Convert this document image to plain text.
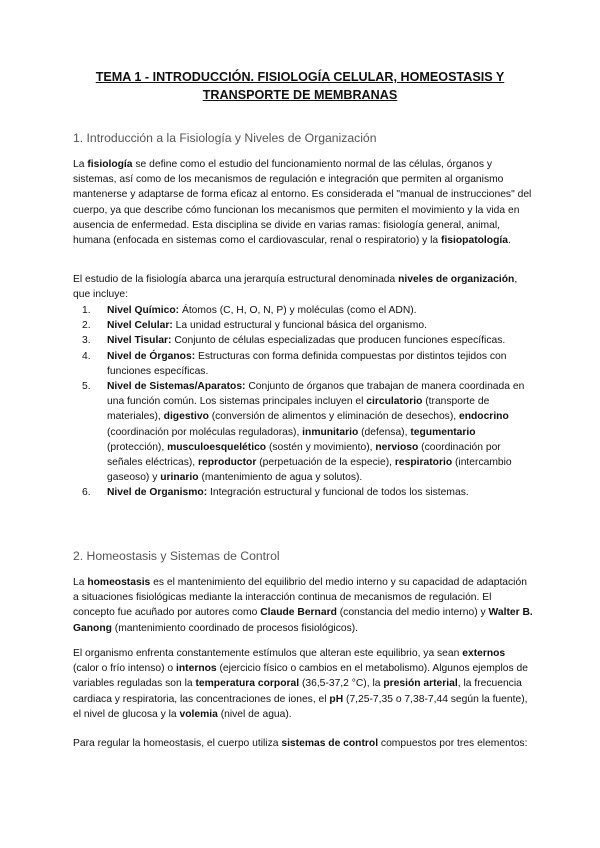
TEMA 1 - INTRODUCCIÓN. FISIOLOGÍA CELULAR, HOMEOSTASIS Y
TRANSPORTE DE MEMBRANAS
1. Introducción a la Fisiología y Niveles de Organización
La fisiología se define como el estudio del funcionamiento normal de las células, órganos y sistemas, así como de los mecanismos de regulación e integración que permiten al organismo mantenerse y adaptarse de forma eficaz al entorno. Es considerada el "manual de instrucciones" del cuerpo, ya que describe cómo funcionan los mecanismos que permiten el movimiento y la vida en ausencia de enfermedad. Esta disciplina se divide en varias ramas: fisiología general, animal, humana (enfocada en sistemas como el cardiovascular, renal o respiratorio) y la fisiopatología.
El estudio de la fisiología abarca una jerarquía estructural denominada niveles de organización, que incluye:
1. Nivel Químico: Átomos (C, H, O, N, P) y moléculas (como el ADN).
2. Nivel Celular: La unidad estructural y funcional básica del organismo.
3. Nivel Tisular: Conjunto de células especializadas que producen funciones específicas.
4. Nivel de Órganos: Estructuras con forma definida compuestas por distintos tejidos con funciones específicas.
5. Nivel de Sistemas/Aparatos: Conjunto de órganos que trabajan de manera coordinada en una función común. Los sistemas principales incluyen el circulatorio (transporte de materiales), digestivo (conversión de alimentos y eliminación de desechos), endocrino (coordinación por moléculas reguladoras), inmunitario (defensa), tegumentario (protección), musculoesquelético (sostén y movimiento), nervioso (coordinación por señales eléctricas), reproductor (perpetuación de la especie), respiratorio (intercambio gaseoso) y urinario (mantenimiento de agua y solutos).
6. Nivel de Organismo: Integración estructural y funcional de todos los sistemas.
2. Homeostasis y Sistemas de Control
La homeostasis es el mantenimiento del equilibrio del medio interno y su capacidad de adaptación a situaciones fisiológicas mediante la interacción continua de mecanismos de regulación. El concepto fue acuñado por autores como Claude Bernard (constancia del medio interno) y Walter B. Ganong (mantenimiento coordinado de procesos fisiológicos).
El organismo enfrenta constantemente estímulos que alteran este equilibrio, ya sean externos (calor o frío intenso) o internos (ejercicio físico o cambios en el metabolismo). Algunos ejemplos de variables reguladas son la temperatura corporal (36,5-37,2 °C), la presión arterial, la frecuencia cardiaca y respiratoria, las concentraciones de iones, el pH (7,25-7,35 o 7,38-7,44 según la fuente), el nivel de glucosa y la volemia (nivel de agua).
Para regular la homeostasis, el cuerpo utiliza sistemas de control compuestos por tres elementos:
